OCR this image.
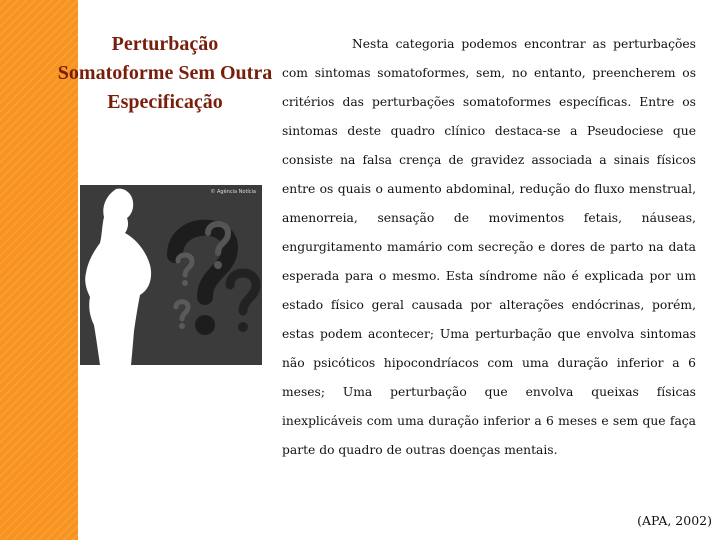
Perturbação
Somatoforme Sem Outra
Especificação
Nesta categoria podemos encontrar as perturbações com sintomas somatoformes, sem, no entanto, preencherem os critérios das perturbações somatoformes específicas. Entre os sintomas deste quadro clínico destaca-se a Pseudociese que consiste na falsa crença de gravidez associada a sinais físicos entre os quais o aumento abdominal, redução do fluxo menstrual, amenorreia, sensação de movimentos fetais, náuseas, engurgitamento mamário com secreção e dores de parto na data esperada para o mesmo. Esta síndrome não é explicada por um estado físico geral causada por alterações endócrinas, porém, estas podem acontecer; Uma perturbação que envolva sintomas não psicóticos hipocondríacos com uma duração inferior a 6 meses; Uma perturbação que envolva queixas físicas inexplicáveis com uma duração inferior a 6 meses e sem que faça parte do quadro de outras doenças mentais.
© Agência Notícia
(APA, 2002)
